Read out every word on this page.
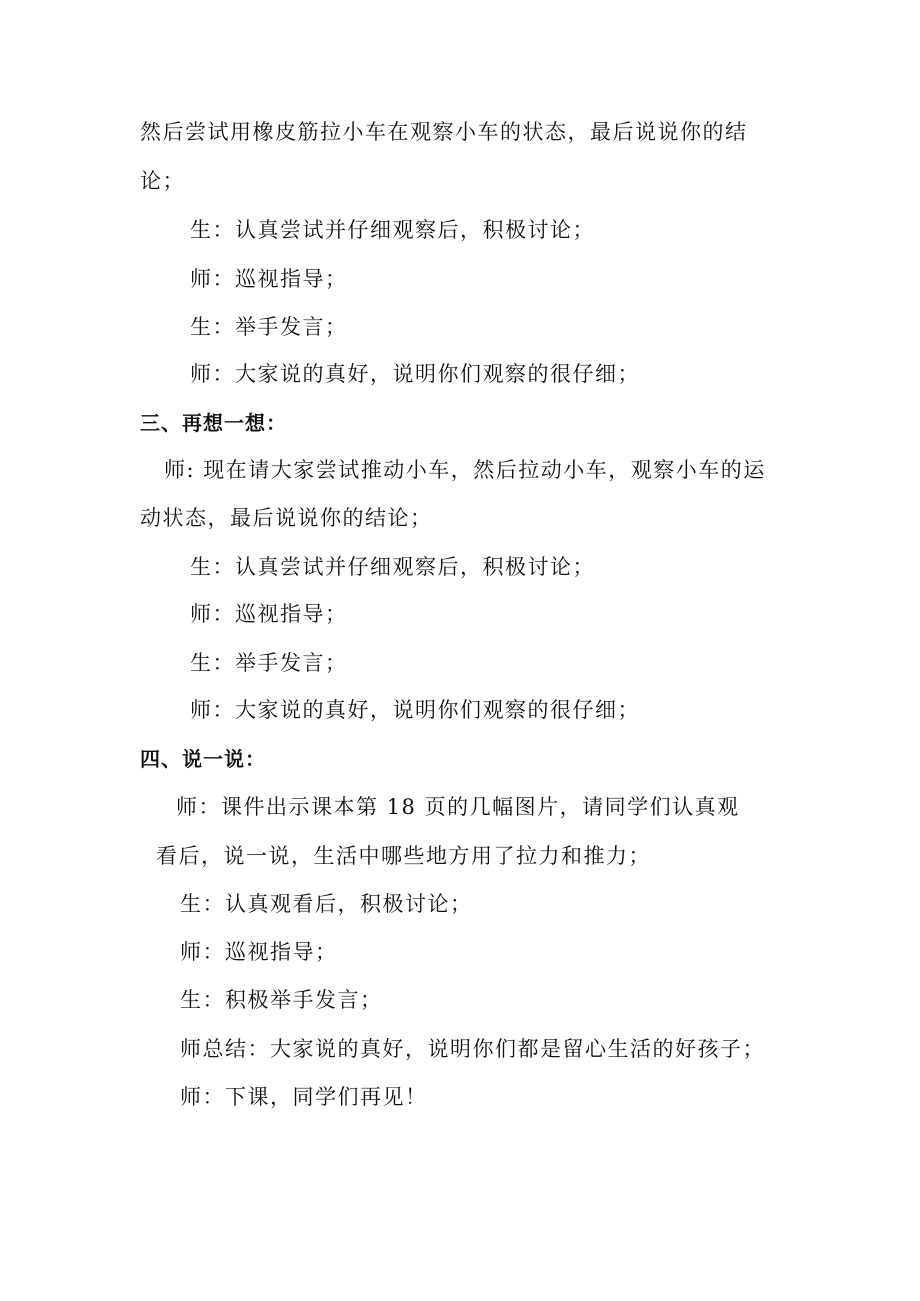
然后尝试用橡皮筋拉小车在观察小车的状态，最后说说你的结
论；
生：认真尝试并仔细观察后，积极讨论；
师：巡视指导；
生：举手发言；
师：大家说的真好，说明你们观察的很仔细；
三、再想一想：
师: 现在请大家尝试推动小车，然后拉动小车，观察小车的运
动状态，最后说说你的结论；
生：认真尝试并仔细观察后，积极讨论；
师：巡视指导；
生：举手发言；
师：大家说的真好，说明你们观察的很仔细；
四、说一说：
师：课件出示课本第 18 页的几幅图片，请同学们认真观
看后，说一说，生活中哪些地方用了拉力和推力；
生：认真观看后，积极讨论；
师：巡视指导；
生：积极举手发言；
师总结：大家说的真好，说明你们都是留心生活的好孩子；
师：下课，同学们再见！
